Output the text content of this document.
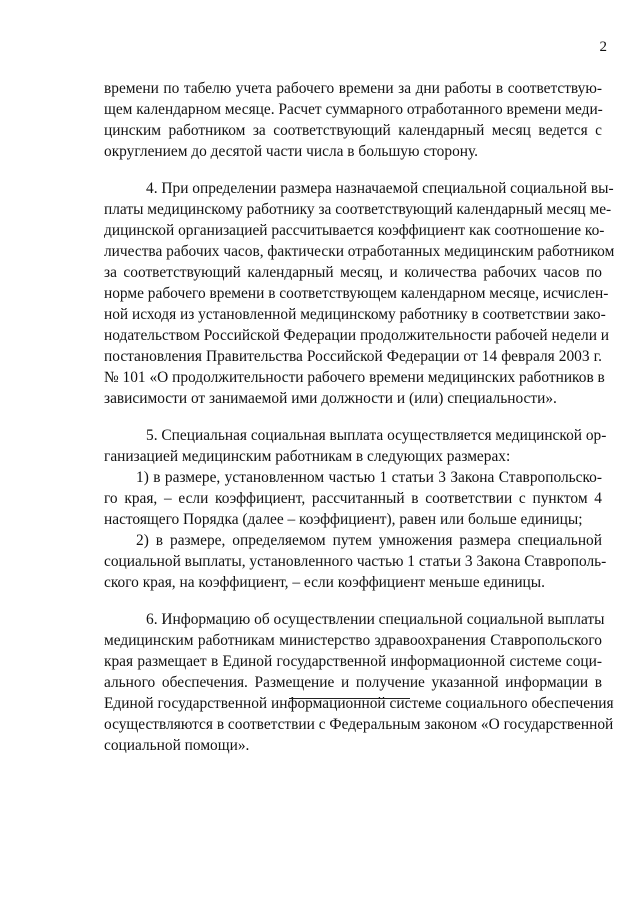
2
времени по табелю учета рабочего времени за дни работы в соответствую-
щем календарном месяце. Расчет суммарного отработанного времени меди-
цинским работником за соответствующий календарный месяц ведется с
округлением до десятой части числа в большую сторону.
4. При определении размера назначаемой специальной социальной вы-
платы медицинскому работнику за соответствующий календарный месяц ме-
дицинской организацией рассчитывается коэффициент как соотношение ко-
личества рабочих часов, фактически отработанных медицинским работником
за соответствующий календарный месяц, и количества рабочих часов по
норме рабочего времени в соответствующем календарном месяце, исчислен-
ной исходя из установленной медицинскому работнику в соответствии зако-
нодательством Российской Федерации продолжительности рабочей недели и
постановления Правительства Российской Федерации от 14 февраля 2003 г.
№ 101 «О продолжительности рабочего времени медицинских работников в
зависимости от занимаемой ими должности и (или) специальности».
5. Специальная социальная выплата осуществляется медицинской ор-
ганизацией медицинским работникам в следующих размерах:
1) в размере, установленном частью 1 статьи 3 Закона Ставропольско-
го края, – если коэффициент, рассчитанный в соответствии с пунктом 4
настоящего Порядка (далее – коэффициент), равен или больше единицы;
2) в размере, определяемом путем умножения размера специальной
социальной выплаты, установленного частью 1 статьи 3 Закона Ставрополь-
ского края, на коэффициент, – если коэффициент меньше единицы.
6. Информацию об осуществлении специальной социальной выплаты
медицинским работникам министерство здравоохранения Ставропольского
края размещает в Единой государственной информационной системе соци-
ального обеспечения. Размещение и получение указанной информации в
Единой государственной информационной системе социального обеспечения
осуществляются в соответствии с Федеральным законом «О государственной
социальной помощи».
